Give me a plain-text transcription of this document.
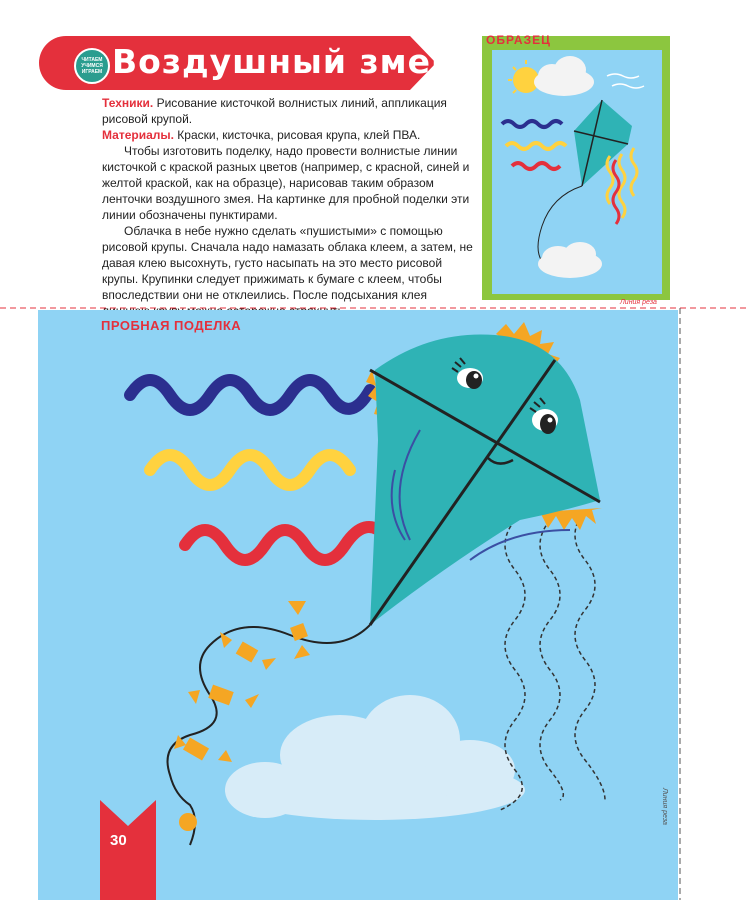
ЧИТАЕМ
УЧИМСЯ
ИГРАЕМ Воздушный змей

Техники. Рисование кисточкой волнистых линий, аппликация рисовой крупой.

Материалы. Краски, кисточка, рисовая крупа, клей ПВА.

Чтобы изготовить поделку, надо провести волнистые линии кисточкой с краской разных цветов (например, с красной, синей и желтой краской, как на образце), нарисовав таким образом ленточки воздушного змея. На картинке для пробной поделки эти линии обозначены пунктирами.

Облачка в небе нужно сделать «пушистыми» с помощью рисовой крупы. Сначала надо намазать облака клеем, а затем, не давая клею высохнуть, густо насыпать на это место рисовой крупы. Крупинки следует прижимать к бумаге с клеем, чтобы впоследствии они не отклеились. После подсыхания клея

ОБРАЗЕЦ
Линия реза
ПРОБНАЯ ПОДЕЛКА
Линия реза
30
